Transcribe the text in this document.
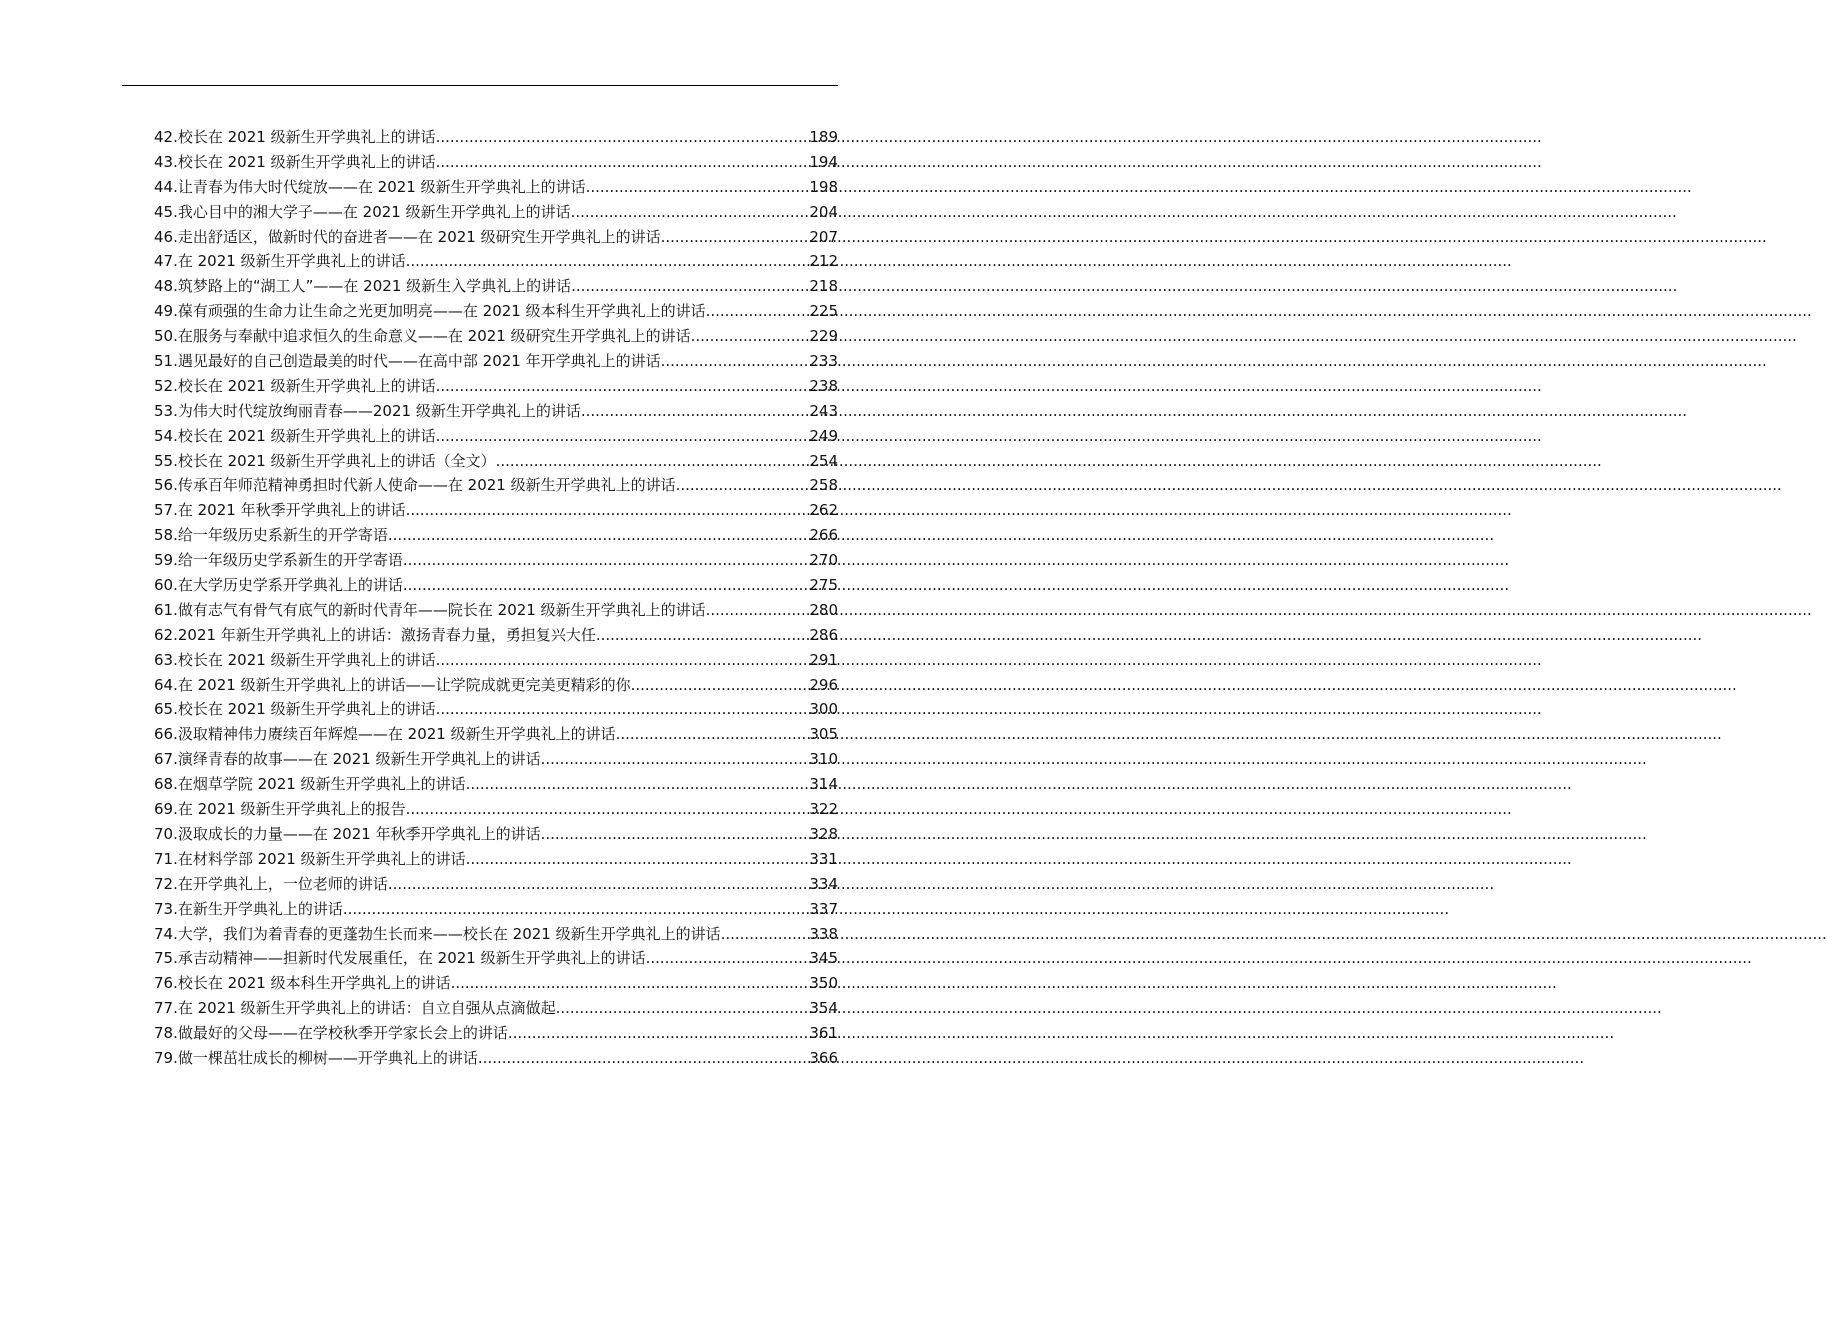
42 . 校长在 2021 级新生开学典礼上的讲话 .....	189
43 . 校长在 2021 级新生开学典礼上的讲话 .....	194
44 . 让青春为伟大时代绽放——在 2021 级新生开学典礼上的讲话 .....	198
45 . 我心目中的湘大学子——在 2021 级新生开学典礼上的讲话 .....	204
46 . 走出舒适区，做新时代的奋进者——在 2021 级研究生开学典礼上的讲话 .....	207
47 . 在 2021 级新生开学典礼上的讲话 .....	212
48 . 筑梦路上的“湖工人”——在 2021 级新生入学典礼上的讲话 .....	218
49 . 葆有顽强的生命力让生命之光更加明亮——在 2021 级本科生开学典礼上的讲话 .....	225
50 . 在服务与奉献中追求恒久的生命意义——在 2021 级研究生开学典礼上的讲话 .....	229
51 . 遇见最好的自己创造最美的时代——在高中部 2021 年开学典礼上的讲话 .....	233
52 . 校长在 2021 级新生开学典礼上的讲话 .....	238
53 . 为伟大时代绽放绚丽青春——2021 级新生开学典礼上的讲话 .....	243
54 . 校长在 2021 级新生开学典礼上的讲话 .....	249
55 . 校长在 2021 级新生开学典礼上的讲话（全文） .....	254
56 . 传承百年师范精神勇担时代新人使命——在 2021 级新生开学典礼上的讲话 .....	258
57 . 在 2021 年秋季开学典礼上的讲话 .....	262
58 . 给一年级历史系新生的开学寄语 .....	266
59 . 给一年级历史学系新生的开学寄语 .....	270
60 . 在大学历史学系开学典礼上的讲话 .....	275
61 . 做有志气有骨气有底气的新时代青年——院长在 2021 级新生开学典礼上的讲话 .....	280
62 . 2021 年新生开学典礼上的讲话：激扬青春力量，勇担复兴大任 .....	286
63 . 校长在 2021 级新生开学典礼上的讲话 .....	291
64 . 在 2021 级新生开学典礼上的讲话——让学院成就更完美更精彩的你 .....	296
65 . 校长在 2021 级新生开学典礼上的讲话 .....	300
66 . 汲取精神伟力赓续百年辉煌——在 2021 级新生开学典礼上的讲话 .....	305
67 . 演绎青春的故事——在 2021 级新生开学典礼上的讲话 .....	310
68 . 在烟草学院 2021 级新生开学典礼上的讲话 .....	314
69 . 在 2021 级新生开学典礼上的报告 .....	322
70 . 汲取成长的力量——在 2021 年秋季开学典礼上的讲话 .....	328
71 . 在材料学部 2021 级新生开学典礼上的讲话 .....	331
72 . 在开学典礼上，一位老师的讲话 .....	334
73 . 在新生开学典礼上的讲话 .....	337
74 . 大学，我们为着青春的更蓬勃生长而来——校长在 2021 级新生开学典礼上的讲话 .....	338
75 . 承吉动精神——担新时代发展重任，在 2021 级新生开学典礼上的讲话 .....	345
76 . 校长在 2021 级本科生开学典礼上的讲话 .....	350
77 . 在 2021 级新生开学典礼上的讲话：自立自强从点滴做起 .....	354
78 . 做最好的父母——在学校秋季开学家长会上的讲话 .....	361
79 . 做一棵茁壮成长的柳树——开学典礼上的讲话 .....	366
